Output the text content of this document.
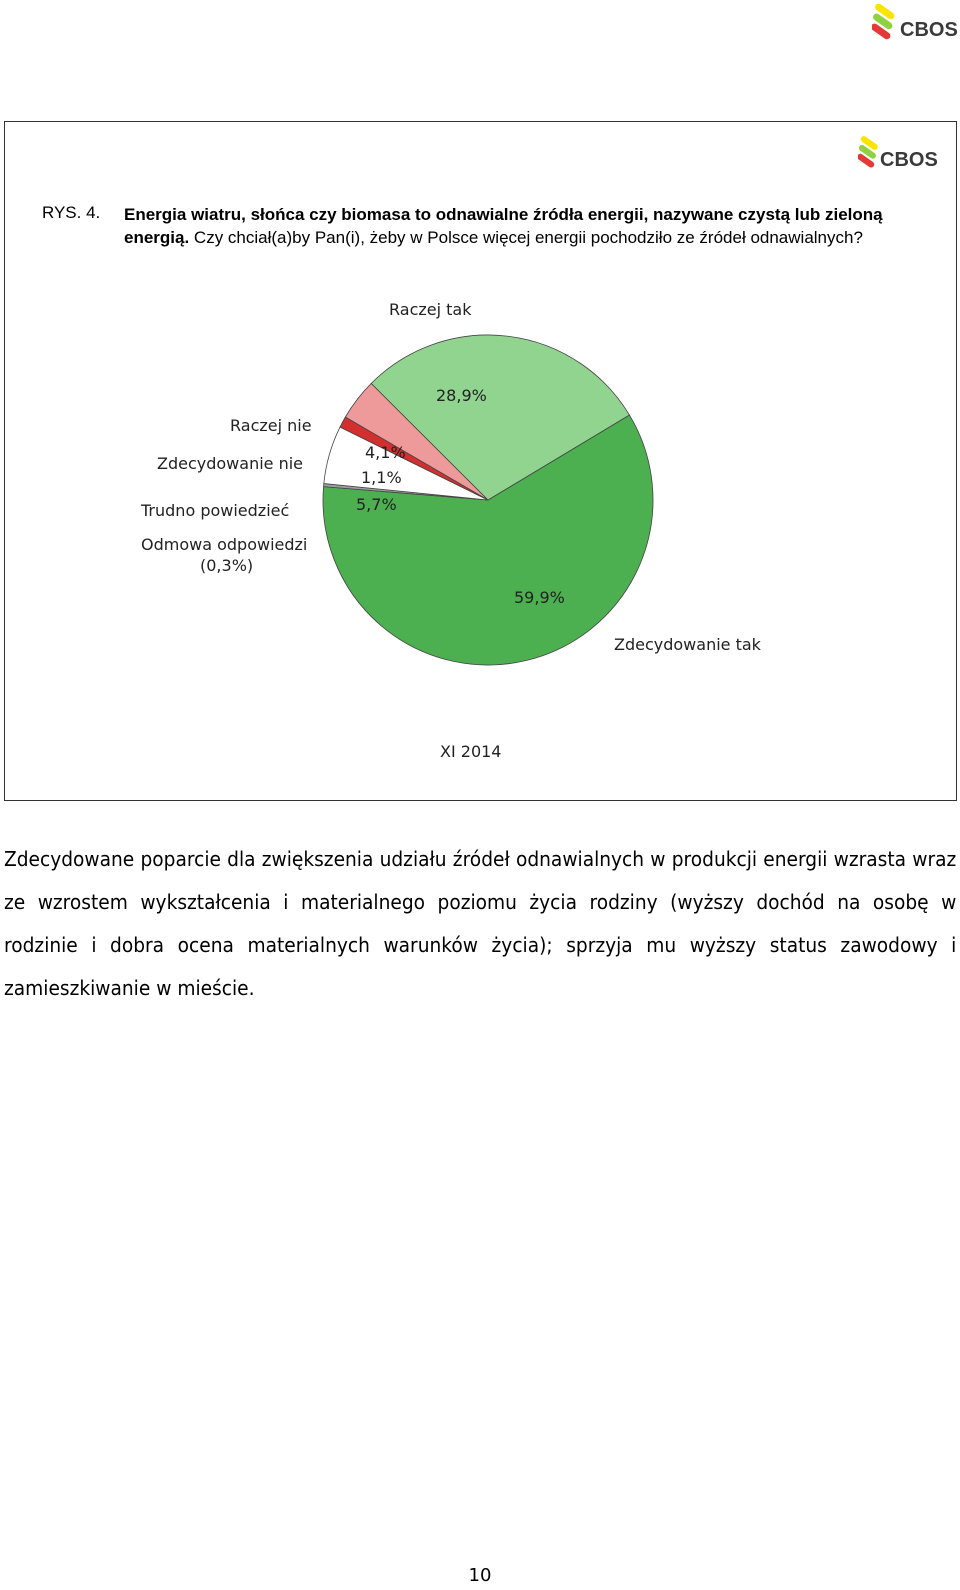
CBOS
CBOS
RYS. 4. Energia wiatru, słońca czy biomasa to odnawialne źródła energii, nazywane czystą lub zieloną energią. Czy chciał(a)by Pan(i), żeby w Polsce więcej energii pochodziło ze źródeł odnawialnych?
28,9%
4,1%
1,1%
5,7%
59,9%
Raczej tak
Raczej nie
Zdecydowanie nie
Trudno powiedzieć
Odmowa odpowiedzi
(0,3%)
Zdecydowanie tak
XI 2014
Zdecydowane poparcie dla zwiększenia udziału źródeł odnawialnych w produkcji energii wzrasta wraz ze wzrostem wykształcenia i materialnego poziomu życia rodziny (wyższy dochód na osobę w rodzinie i dobra ocena materialnych warunków życia); sprzyja mu wyższy status zawodowy i zamieszkiwanie w mieście.
10
